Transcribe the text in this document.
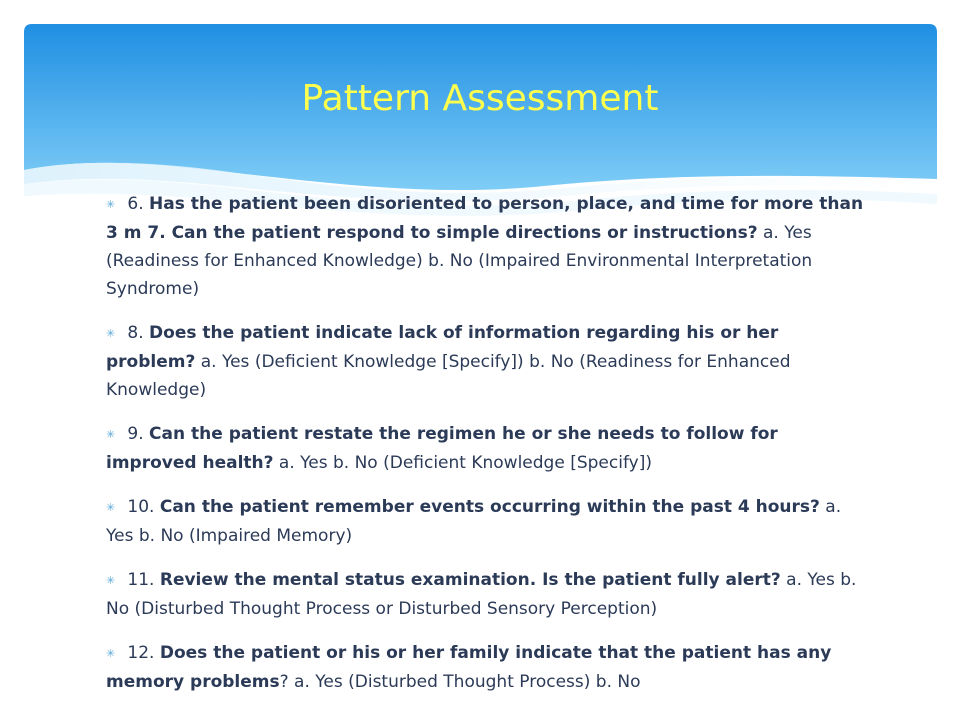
Pattern Assessment

✳ 6. Has the patient been disoriented to person, place, and time for more than 3 m 7. Can the patient respond to simple directions or instructions? a. Yes (Readiness for Enhanced Knowledge) b. No (Impaired Environmental Interpretation Syndrome)

✳ 8. Does the patient indicate lack of information regarding his or her problem? a. Yes (Deficient Knowledge [Specify]) b. No (Readiness for Enhanced Knowledge)

✳ 9. Can the patient restate the regimen he or she needs to follow for improved health? a. Yes b. No (Deficient Knowledge [Specify])

✳ 10. Can the patient remember events occurring within the past 4 hours? a. Yes b. No (Impaired Memory)

✳ 11. Review the mental status examination. Is the patient fully alert? a. Yes b. No (Disturbed Thought Process or Disturbed Sensory Perception)

✳ 12. Does the patient or his or her family indicate that the patient has any memory problems? a. Yes (Disturbed Thought Process) b. No
